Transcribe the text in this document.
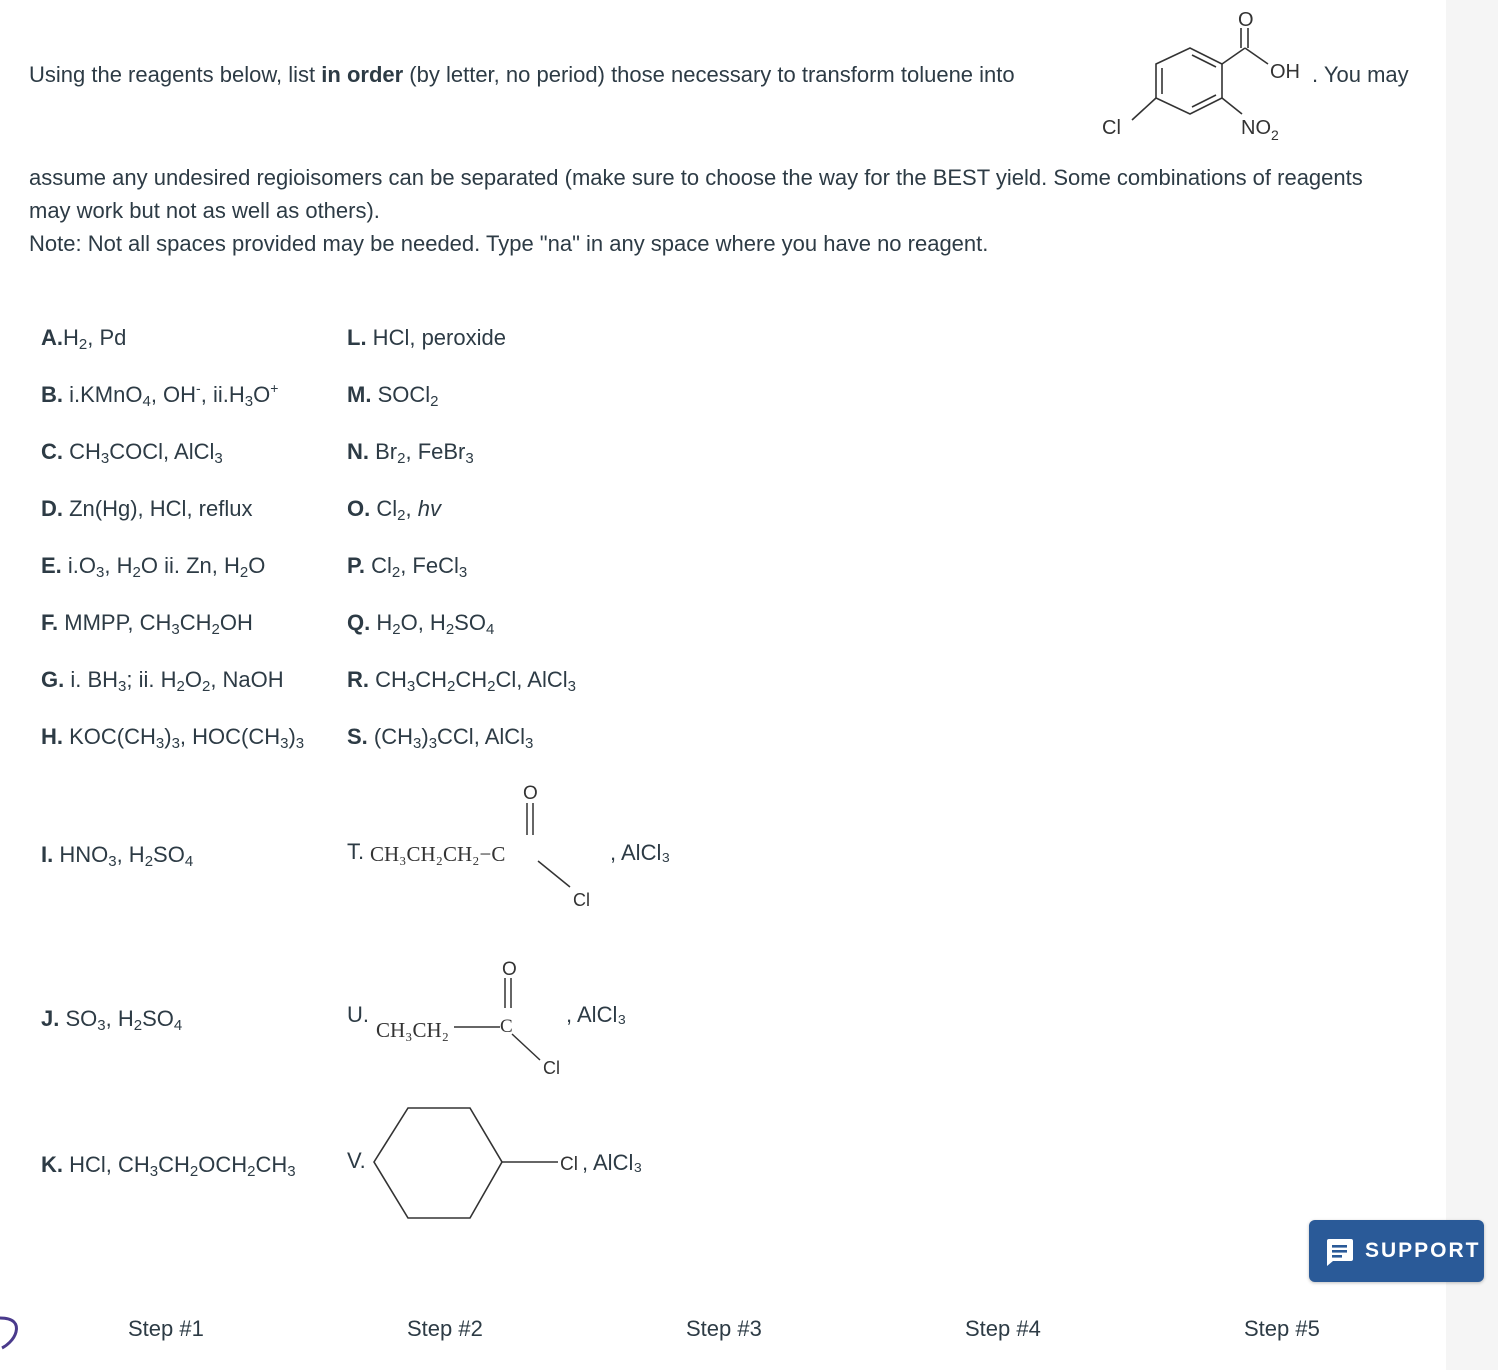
Using the reagents below, list in order (by letter, no period) those necessary to transform toluene into
O
OH
Cl	$NO_2$
. You may
assume any undesired regioisomers can be separated (make sure to choose the way for the BEST yield. Some combinations of reagents
may work but not as well as others).
Note: Not all spaces provided may be needed. Type "na" in any space where you have no reagent.
$A.H_2$, Pd
B. i.KMnO$_4$, OH-, $ii.H_3O^+$
C. $CH_3COCl$, AlCl$_3$
D. Zn(Hg), HCl, reflux
E. $i.O_3$, $H_2O$ ii. Zn, $H_2O$
F. MMPP, $CH_3CH_2OH$
G. i. $BH_3$; ii. $H_2O_2$, NaOH
H. $KOC(CH_3)_3$, $HOC(CH_3)_3$
I. $HNO_3$, $H_2SO_4$
J. $SO_3$, $H_2SO_4$
K. HCl, $CH_3CH_2OCH_2CH_3$
L. HCl, peroxide
M. SOCl$_2$
N. $Br_2$, FeBr$_3$
O. $Cl_2$, hv
P. $Cl_2$, FeCl$_3$
Q. $H_2O$, $H_2SO_4$
R. $CH_3CH_2CH_2Cl$, AlCl$_3$
S. $(CH_3)_3CCl$, AlCl$_3$
T. CH₃CH₂CH₂−C
O
Cl
, AlCl₃
U.
CH₃CH₂	C
O
Cl
, AlCl₃
V.	Cl , AlCl₃
Step #1	Step #2	Step #3	Step #4	Step #5
SUPPORT
